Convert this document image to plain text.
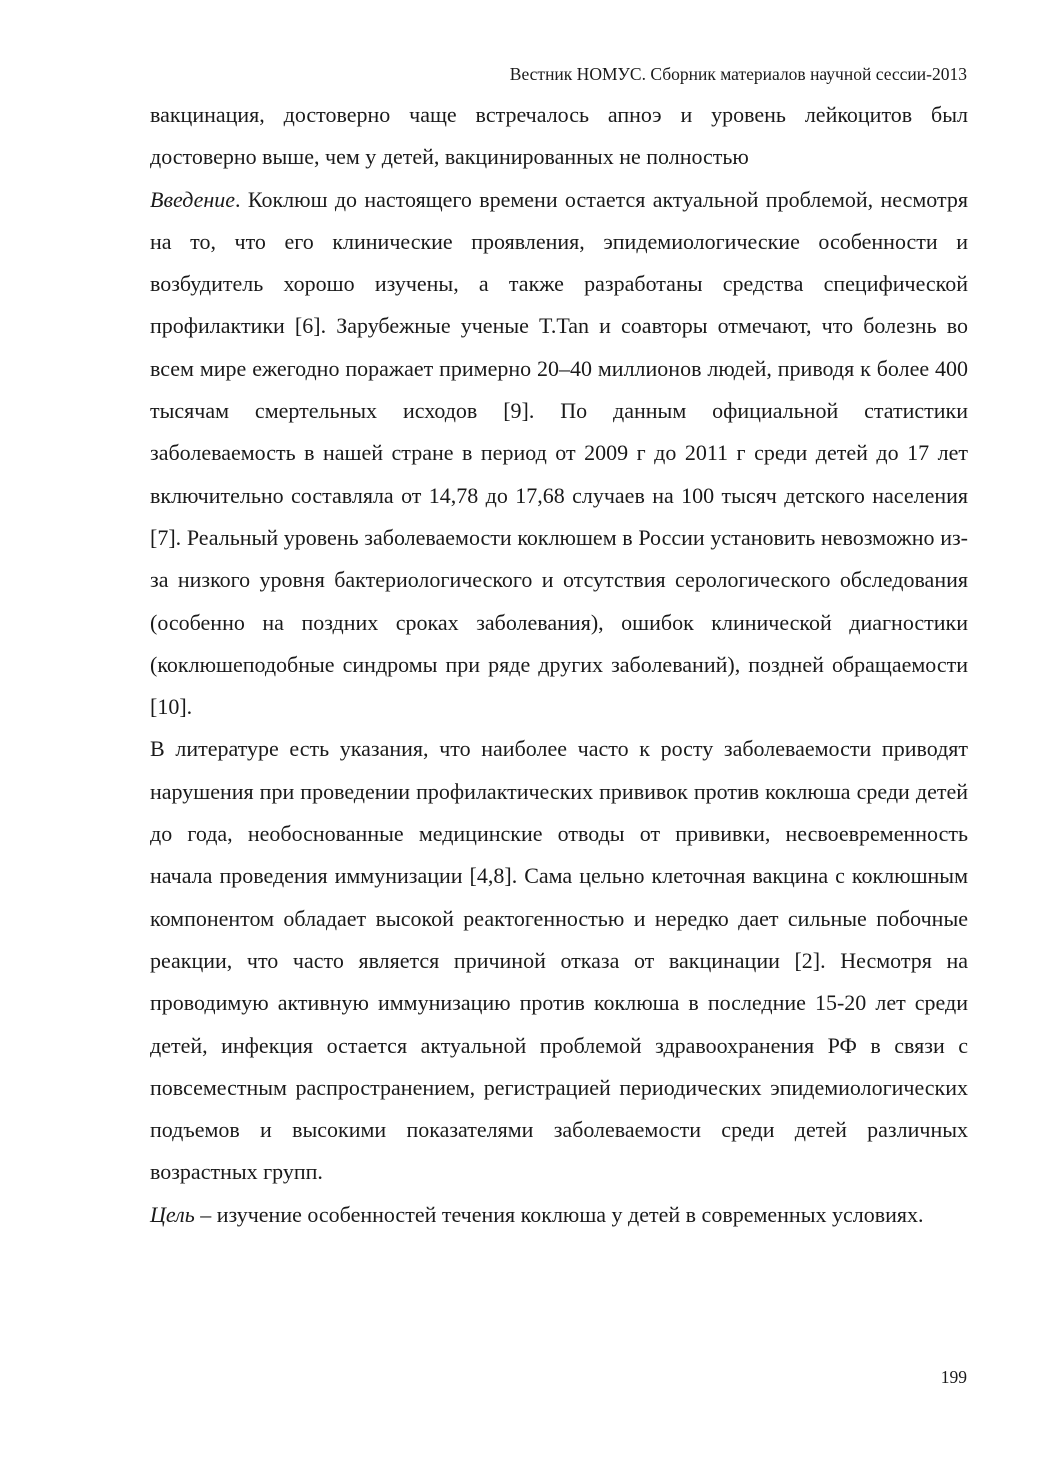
Вестник НОМУС. Сборник материалов научной сессии-2013

вакцинация, достоверно чаще встречалось апноэ и уровень лейкоцитов был достоверно выше, чем у детей, вакцинированных не полностью

Введение. Коклюш до настоящего времени остается актуальной проблемой, несмотря на то, что его клинические проявления, эпидемиологические особенности и возбудитель хорошо изучены, а также разработаны средства специфической профилактики [6]. Зарубежные ученые T.Tan и соавторы отмечают, что болезнь во всем мире ежегодно поражает примерно 20–40 миллионов людей, приводя к более 400 тысячам смертельных исходов [9]. По данным официальной статистики заболеваемость в нашей стране в период от 2009 г до 2011 г среди детей до 17 лет включительно составляла от 14,78 до 17,68 случаев на 100 тысяч детского населения [7]. Реальный уровень заболеваемости коклюшем в России установить невозможно из-за низкого уровня бактериологического и отсутствия серологического обследования (особенно на поздних сроках заболевания), ошибок клинической диагностики (коклюшеподобные синдромы при ряде других заболеваний), поздней обращаемости [10].

В литературе есть указания, что наиболее часто к росту заболеваемости приводят нарушения при проведении профилактических прививок против коклюша среди детей до года, необоснованные медицинские отводы от прививки, несвоевременность начала проведения иммунизации [4,8]. Сама цельно клеточная вакцина с коклюшным компонентом обладает высокой реактогенностью и нередко дает сильные побочные реакции, что часто является причиной отказа от вакцинации [2]. Несмотря на проводимую активную иммунизацию против коклюша в последние 15-20 лет среди детей, инфекция остается актуальной проблемой здравоохранения РФ в связи с повсеместным распространением, регистрацией периодических эпидемиологических подъемов и высокими показателями заболеваемости среди детей различных возрастных групп.

Цель – изучение особенностей течения коклюша у детей в современных условиях.

199
